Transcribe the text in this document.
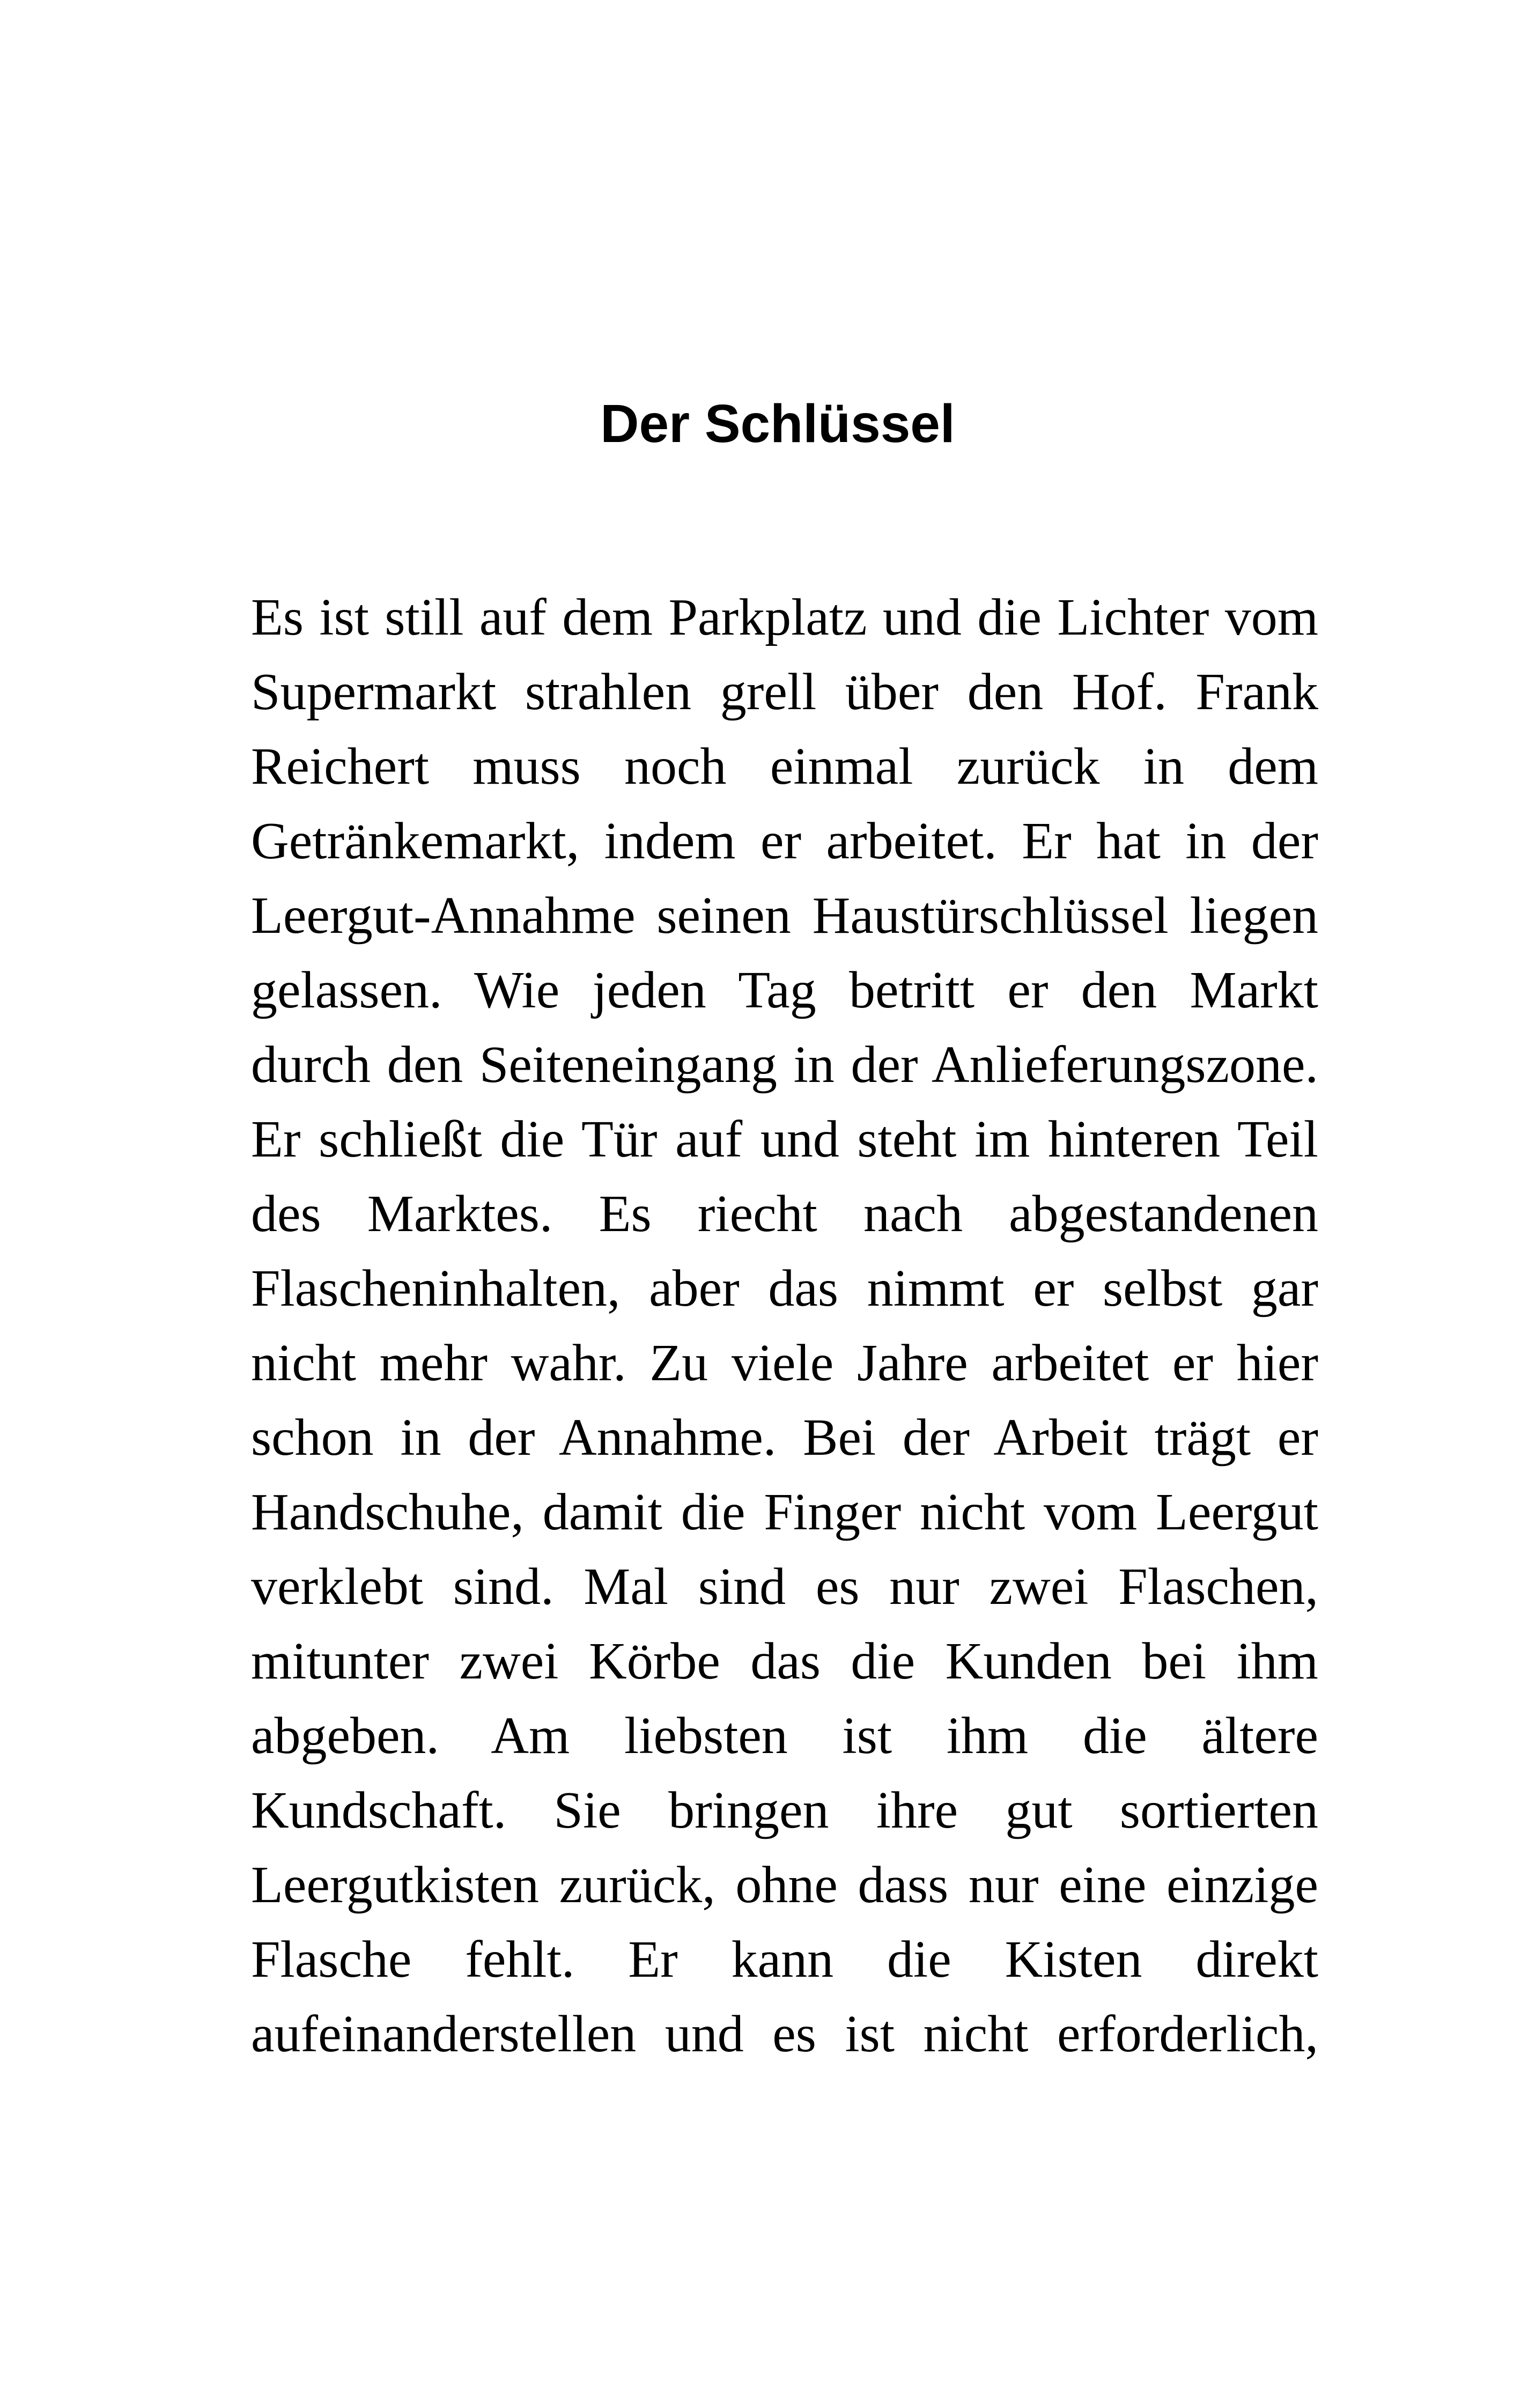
Der Schlüssel
Es ist still auf dem Parkplatz und die Lichter vom
Supermarkt strahlen grell über den Hof. Frank
Reichert muss noch einmal zurück in dem
Getränkemarkt, indem er arbeitet. Er hat in der
Leergut-Annahme seinen Haustürschlüssel liegen
gelassen. Wie jeden Tag betritt er den Markt
durch den Seiteneingang in der Anlieferungszone.
Er schließt die Tür auf und steht im hinteren Teil
des Marktes. Es riecht nach abgestandenen
Flascheninhalten, aber das nimmt er selbst gar
nicht mehr wahr. Zu viele Jahre arbeitet er hier
schon in der Annahme. Bei der Arbeit trägt er
Handschuhe, damit die Finger nicht vom Leergut
verklebt sind. Mal sind es nur zwei Flaschen,
mitunter zwei Körbe das die Kunden bei ihm
abgeben. Am liebsten ist ihm die ältere
Kundschaft. Sie bringen ihre gut sortierten
Leergutkisten zurück, ohne dass nur eine einzige
Flasche fehlt. Er kann die Kisten direkt
aufeinanderstellen und es ist nicht erforderlich,
